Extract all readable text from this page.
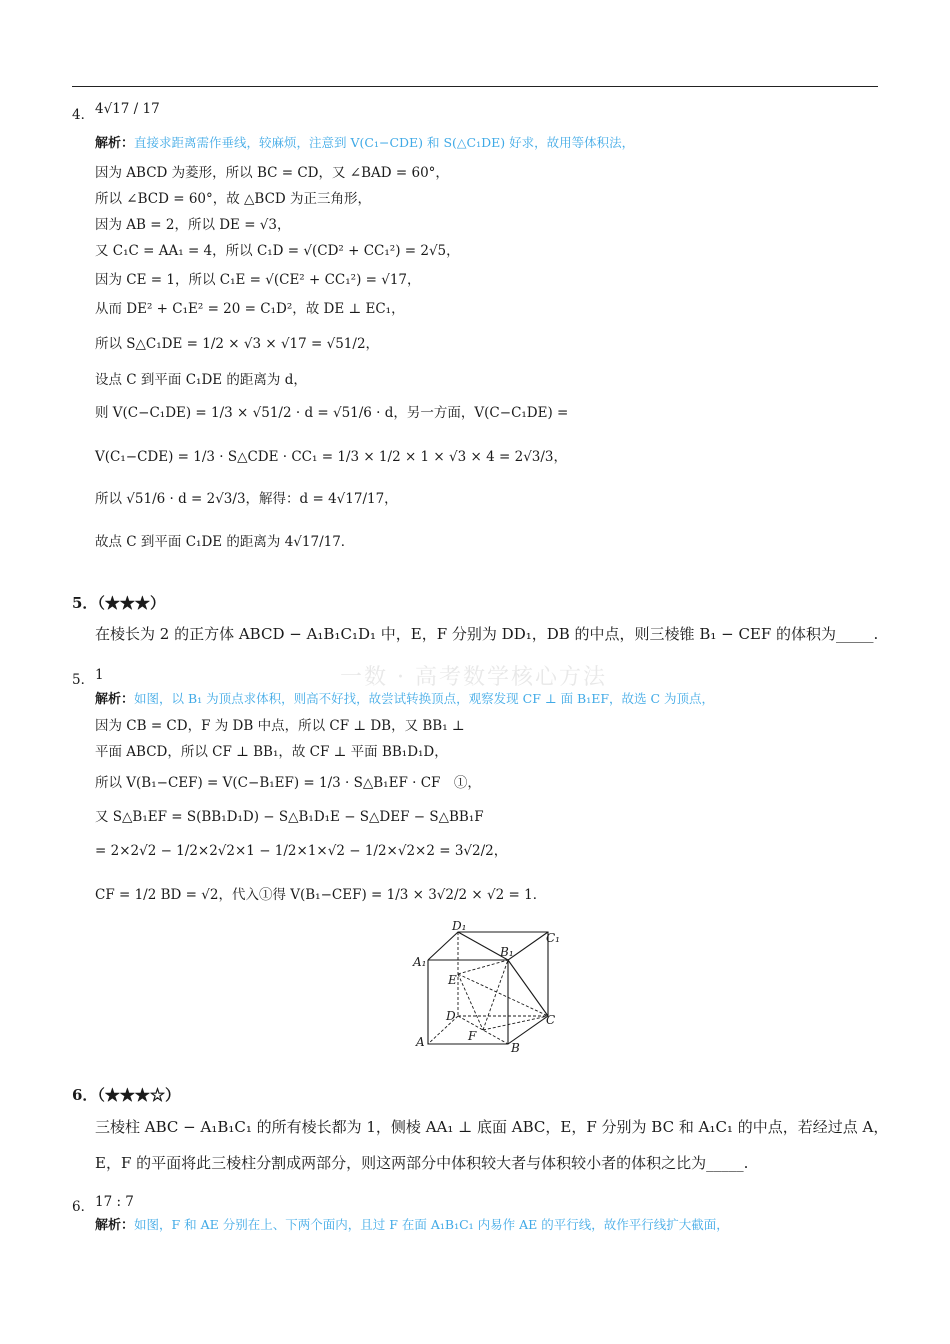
一数 · 高考数学核心方法
4． 4√17 / 17
解析：直接求距离需作垂线，较麻烦，注意到 V(C₁−CDE) 和 S(△C₁DE) 好求，故用等体积法，
因为 ABCD 为菱形，所以 BC = CD，又 ∠BAD = 60°，
所以 ∠BCD = 60°，故 △BCD 为正三角形，
因为 AB = 2，所以 DE = √3，
又 C₁C = AA₁ = 4，所以 C₁D = √(CD² + CC₁²) = 2√5，
因为 CE = 1，所以 C₁E = √(CE² + CC₁²) = √17，
从而 DE² + C₁E² = 20 = C₁D²，故 DE ⊥ EC₁，
所以 S△C₁DE = 1/2 × √3 × √17 = √51/2，
设点 C 到平面 C₁DE 的距离为 d，
则 V(C−C₁DE) = 1/3 × √51/2 · d = √51/6 · d，另一方面，V(C−C₁DE) =
V(C₁−CDE) = 1/3 · S△CDE · CC₁ = 1/3 × 1/2 × 1 × √3 × 4 = 2√3/3，
所以 √51/6 · d = 2√3/3，解得：d = 4√17/17，
故点 C 到平面 C₁DE 的距离为 4√17/17．
5．（★★★）
在棱长为 2 的正方体 ABCD − A₁B₁C₁D₁ 中，E，F 分别为 DD₁，DB 的中点，则三棱锥 B₁ − CEF 的体积为_____.
5． 1
解析：如图，以 B₁ 为顶点求体积，则高不好找，故尝试转换顶点，观察发现 CF ⊥ 面 B₁EF，故选 C 为顶点，
因为 CB = CD，F 为 DB 中点，所以 CF ⊥ DB，又 BB₁ ⊥
平面 ABCD，所以 CF ⊥ BB₁，故 CF ⊥ 平面 BB₁D₁D，
所以 V(B₁−CEF) = V(C−B₁EF) = 1/3 · S△B₁EF · CF　①，
又 S△B₁EF = S(BB₁D₁D) − S△B₁D₁E − S△DEF − S△BB₁F
= 2×2√2 − 1/2×2√2×1 − 1/2×1×√2 − 1/2×√2×2 = 3√2/2，
CF = 1/2 BD = √2，代入①得 V(B₁−CEF) = 1/3 × 3√2/2 × √2 = 1．
D₁
B₁
C₁
A₁
E
D	C
A	F
B
6．（★★★☆）
三棱柱 ABC − A₁B₁C₁ 的所有棱长都为 1，侧棱 AA₁ ⊥ 底面 ABC，E，F 分别为 BC 和 A₁C₁ 的中点，若经过点 A，
E，F 的平面将此三棱柱分割成两部分，则这两部分中体积较大者与体积较小者的体积之比为_____.
6． 17 : 7
解析：如图，F 和 AE 分别在上、下两个面内，且过 F 在面 A₁B₁C₁ 内易作 AE 的平行线，故作平行线扩大截面，
